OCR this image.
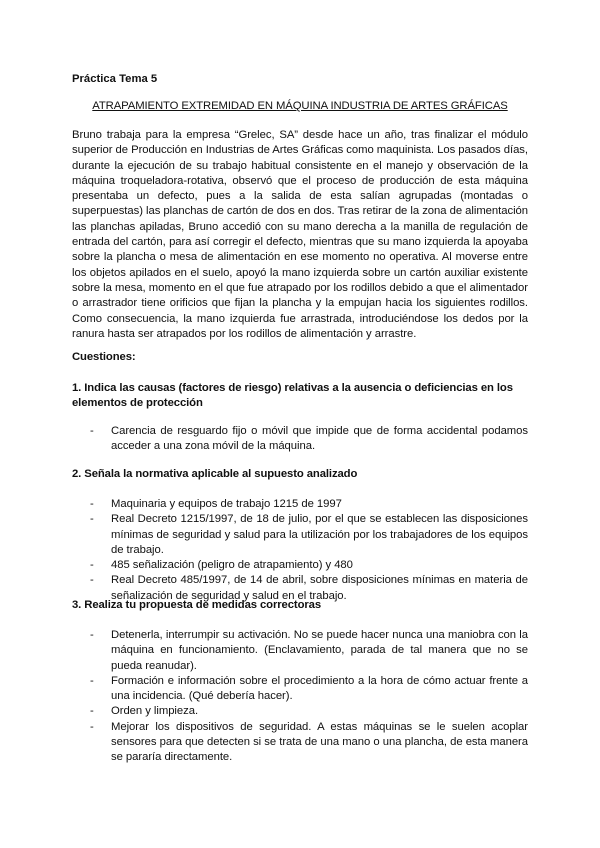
Práctica Tema 5
ATRAPAMIENTO EXTREMIDAD EN MÁQUINA INDUSTRIA DE ARTES GRÁFICAS

Bruno trabaja para la empresa “Grelec, SA” desde hace un año, tras finalizar el módulo superior de Producción en Industrias de Artes Gráficas como maquinista. Los pasados días, durante la ejecución de su trabajo habitual consistente en el manejo y observación de la máquina troqueladora-rotativa, observó que el proceso de producción de esta máquina presentaba un defecto, pues a la salida de esta salían agrupadas (montadas o superpuestas) las planchas de cartón de dos en dos. Tras retirar de la zona de alimentación las planchas apiladas, Bruno accedió con su mano derecha a la manilla de regulación de entrada del cartón, para así corregir el defecto, mientras que su mano izquierda la apoyaba sobre la plancha o mesa de alimentación en ese momento no operativa. Al moverse entre los objetos apilados en el suelo, apoyó la mano izquierda sobre un cartón auxiliar existente sobre la mesa, momento en el que fue atrapado por los rodillos debido a que el alimentador o arrastrador tiene orificios que fijan la plancha y la empujan hacia los siguientes rodillos. Como consecuencia, la mano izquierda fue arrastrada, introduciéndose los dedos por la ranura hasta ser atrapados por los rodillos de alimentación y arrastre.

Cuestiones:

1. Indica las causas (factores de riesgo) relativas a la ausencia o deficiencias en los elementos de protección

- Carencia de resguardo fijo o móvil que impide que de forma accidental podamos acceder a una zona móvil de la máquina.

2. Señala la normativa aplicable al supuesto analizado

- Maquinaria y equipos de trabajo 1215 de 1997
- Real Decreto 1215/1997, de 18 de julio, por el que se establecen las disposiciones mínimas de seguridad y salud para la utilización por los trabajadores de los equipos de trabajo.
- 485 señalización (peligro de atrapamiento) y 480
- Real Decreto 485/1997, de 14 de abril, sobre disposiciones mínimas en materia de señalización de seguridad y salud en el trabajo.

3. Realiza tu propuesta de medidas correctoras

- Detenerla, interrumpir su activación. No se puede hacer nunca una maniobra con la máquina en funcionamiento. (Enclavamiento, parada de tal manera que no se pueda reanudar).
- Formación e información sobre el procedimiento a la hora de cómo actuar frente a una incidencia. (Qué debería hacer).
- Orden y limpieza.
- Mejorar los dispositivos de seguridad. A estas máquinas se le suelen acoplar sensores para que detecten si se trata de una mano o una plancha, de esta manera se pararía directamente.
